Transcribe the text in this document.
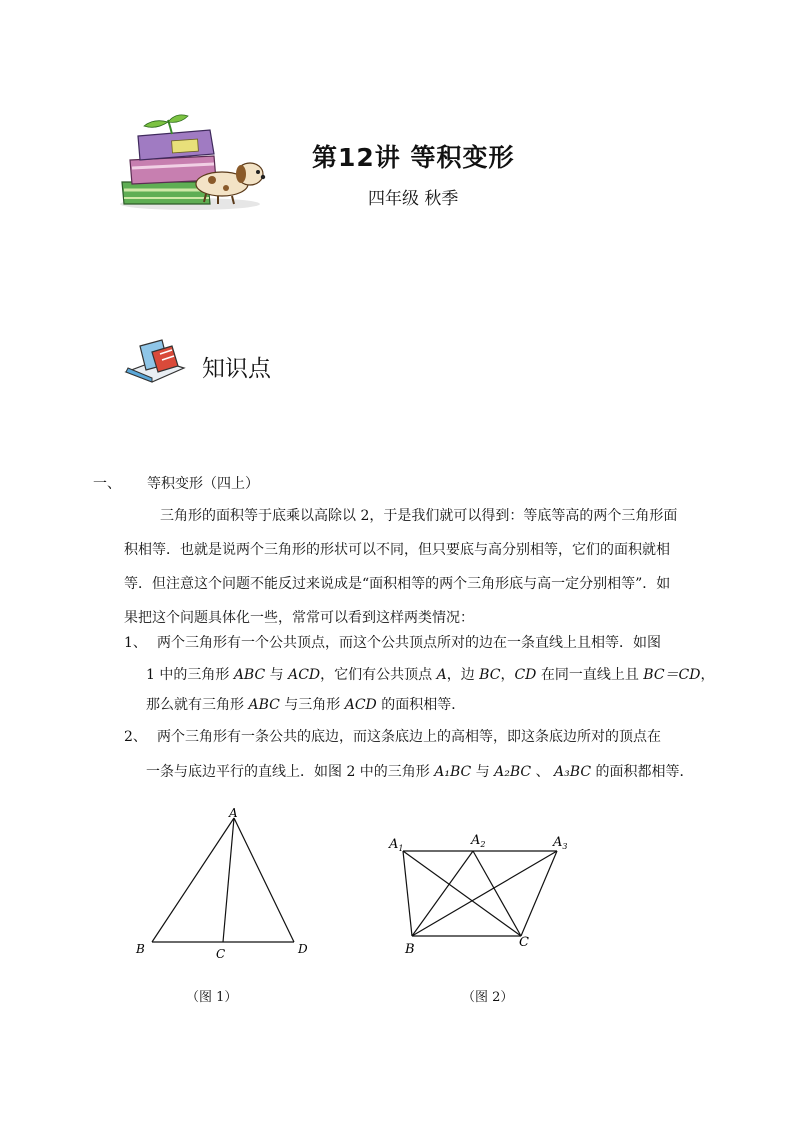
第12讲 等积变形
四年级 秋季
知识点
一、 等积变形（四上）
三角形的面积等于底乘以高除以 2，于是我们就可以得到：等底等高的两个三角形面
积相等．也就是说两个三角形的形状可以不同，但只要底与高分别相等，它们的面积就相
等．但注意这个问题不能反过来说成是“面积相等的两个三角形底与高一定分别相等”．如
果把这个问题具体化一些，常常可以看到这样两类情况：
1、 两个三角形有一个公共顶点，而这个公共顶点所对的边在一条直线上且相等．如图
1 中的三角形 ABC 与 ACD，它们有公共顶点 A，边 BC，CD 在同一直线上且 BC＝CD，
那么就有三角形 ABC 与三角形 ACD 的面积相等．
2、 两个三角形有一条公共的底边，而这条底边上的高相等，即这条底边所对的顶点在
一条与底边平行的直线上．如图 2 中的三角形 A₁BC 与 A₂BC 、 A₃BC 的面积都相等．
A
B	C	D
（图 1）
$A_1$
$A_2$	$A_3$
B	C
（图 2）
